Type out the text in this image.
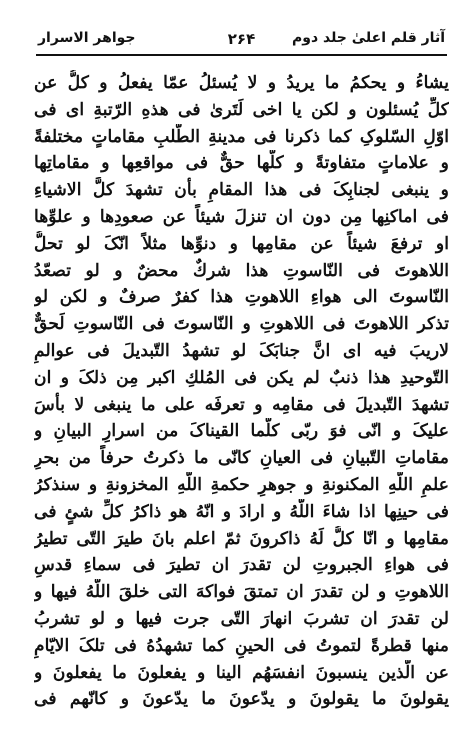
آثار قلم اعلیٰ جلد دوم
۲۶۴
جواهر الاسرار
يشاءُ و يحكمُ ما يريدُ و لا يُسئلُ عمّا يفعلُ و كلُّ عن
كلِّ يُسئلون و لكن يا اخى لَتَرىٰ فى هذهِ الرّتبةِ اى فى
اوّلِ السّلوکِ كما ذكرنا فى مدينةِ الطّلبِ مقاماتٍ مختلفةً
و علاماتٍ متفاوتةً و كلُّها حقٌّ فى مواقعِها و مقاماتِها
و ينبغى لجنابِکَ فى هذا المقامِ بأن تشهدَ كلَّ الاشياءِ
فى اماكنِها مِن دون ان تنزلَ شيئاً عن صعودِها و علوِّها
او ترفعَ شيئاً عن مقامِها و دنوِّها مثلاً انّکَ لو تحلُّ
اللاهوتَ فى النّاسوتِ هذا شركٌ محضٌ و لو تصعّدُ
النّاسوتَ الى هواءِ اللاهوتِ هذا كفرٌ صرفٌ و لکن لو
تذکر اللاهوتَ فى اللاهوتِ و النّاسوتَ فى النّاسوتِ لَحقٌّ
لاريبَ فيه اى انَّ جنابَکَ لو تشهدُ التّبديلَ فى عوالمِ
التّوحيدِ هذا ذنبٌ لم يكن فى المُلكِ اكبر مِن ذلکَ و ان
تشهدَ التّبديلَ فى مقامِه و تعرفَه على ما ينبغى لا بأسَ
عليکَ و انّى فوَ ربّى كلّما القيناکَ من اسرارِ البيانِ و
مقاماتِ التّبيانِ فى العيانِ كانّى ما ذكرتُ حرفاً من بحرِ
علمِ اللّهِ المكنونةِ و جوهرِ حكمةِ اللّهِ المخزونةِ و سنذكرُ
فى حينِها اذا شاءَ اللّهُ و ارادَ و انّهُ هو ذاكرُ كلِّ شئٍ فى
مقامِها و انّا كلُّ لَهُ ذاكرونَ ثمّ اعلم بانَ طيرَ التّى تطيرُ
فى هواءِ الجبروتِ لن تقدرَ ان تطيرَ فى سماءِ قدسِ
اللاهوتِ و لن تقدرَ ان تمتقَ فواكهَ التى خلقَ اللّهُ فيها و
لن تقدرَ ان تشربَ انهارَ التّى جرت فيها و لو تشربُ
منها قطرةً لتموتُ فى الحينِ كما تشهدُهُ فى تلکَ الايّامِ
عن الّذين ينسبونَ انفسَهُم الينا و يفعلونَ ما يفعلونَ و
يقولونَ ما يقولونَ و يدّعونَ ما يدّعونَ و كانّهم فى
